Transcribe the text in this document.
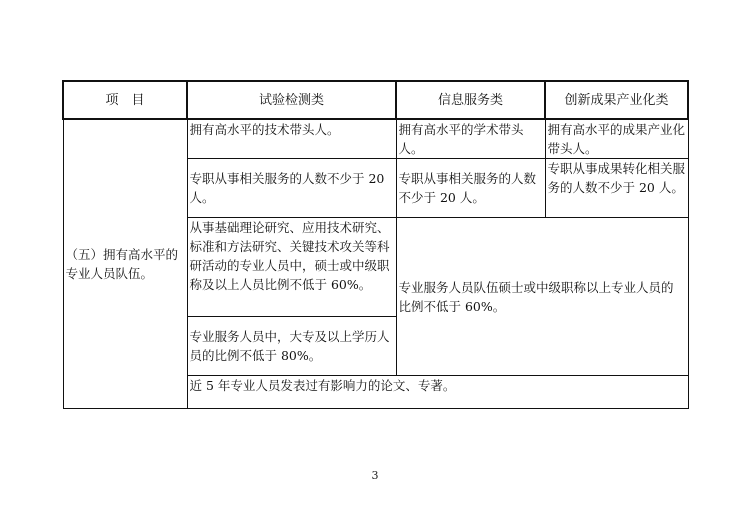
项　目	试验检测类	信息服务类	创新成果产业化类
（五）拥有高水平的专业人员队伍。	拥有高水平的技术带头人。	拥有高水平的学术带头人。	拥有高水平的成果产业化带头人。
	专职从事相关服务的人数不少于 20 人。	专职从事相关服务的人数不少于 20 人。	专职从事成果转化相关服务的人数不少于 20 人。
	从事基础理论研究、应用技术研究、标准和方法研究、关键技术攻关等科研活动的专业人员中，硕士或中级职称及以上人员比例不低于 60%。	专业服务人员队伍硕士或中级职称以上专业人员的比例不低于 60%。	
	专业服务人员中，大专及以上学历人员的比例不低于 80%。		
	近 5 年专业人员发表过有影响力的论文、专著。		
3
